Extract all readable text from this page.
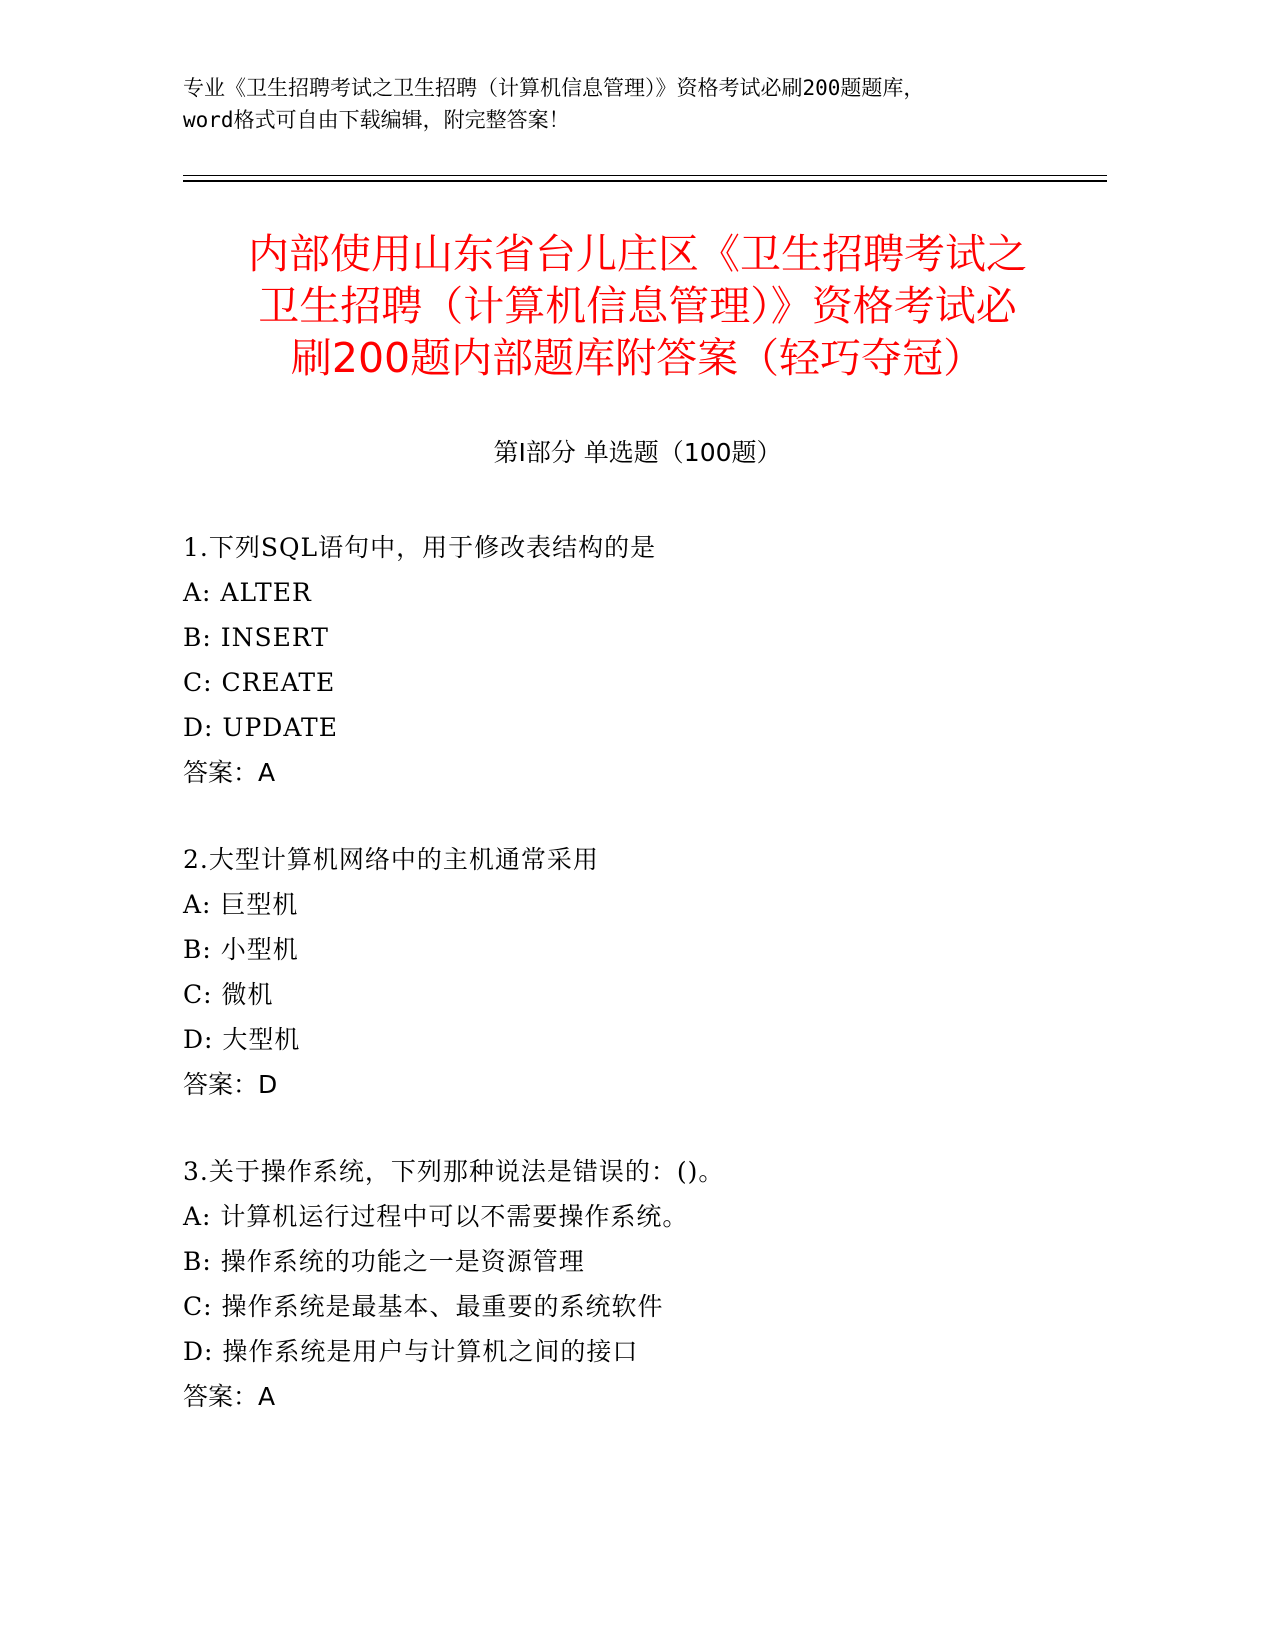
专业《卫生招聘考试之卫生招聘（计算机信息管理）》资格考试必刷200题题库，
word格式可自由下载编辑，附完整答案！
内部使用山东省台儿庄区《卫生招聘考试之
卫生招聘（计算机信息管理）》资格考试必
刷200题内部题库附答案（轻巧夺冠）
第Ⅰ部分 单选题（100题）
1.下列SQL语句中，用于修改表结构的是
A: ALTER
B: INSERT
C: CREATE
D: UPDATE
答案：A
2.大型计算机网络中的主机通常采用
A: 巨型机
B: 小型机
C: 微机
D: 大型机
答案：D
3.关于操作系统，下列那种说法是错误的：()。
A: 计算机运行过程中可以不需要操作系统。
B: 操作系统的功能之一是资源管理
C: 操作系统是最基本、最重要的系统软件
D: 操作系统是用户与计算机之间的接口
答案：A
